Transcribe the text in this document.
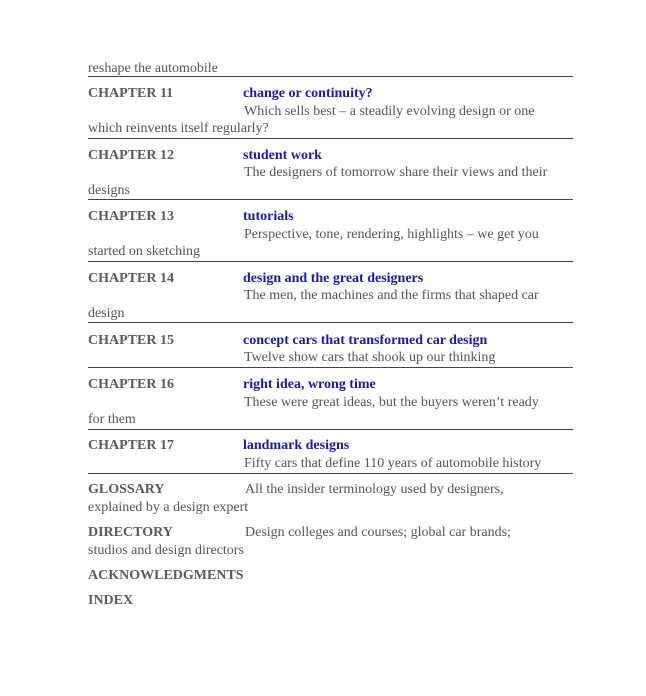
reshape the automobile
CHAPTER 11	change or continuity?
Which sells best – a steadily evolving design or one
which reinvents itself regularly?
CHAPTER 12	student work
The designers of tomorrow share their views and their
designs
CHAPTER 13	tutorials
Perspective, tone, rendering, highlights – we get you
started on sketching
CHAPTER 14	design and the great designers
The men, the machines and the firms that shaped car
design
CHAPTER 15	concept cars that transformed car design
Twelve show cars that shook up our thinking
CHAPTER 16	right idea, wrong time
These were great ideas, but the buyers weren’t ready
for them
CHAPTER 17	landmark designs
Fifty cars that define 110 years of automobile history
GLOSSARY	All the insider terminology used by designers,
explained by a design expert
DIRECTORY	Design colleges and courses; global car brands;
studios and design directors
ACKNOWLEDGMENTS
INDEX
